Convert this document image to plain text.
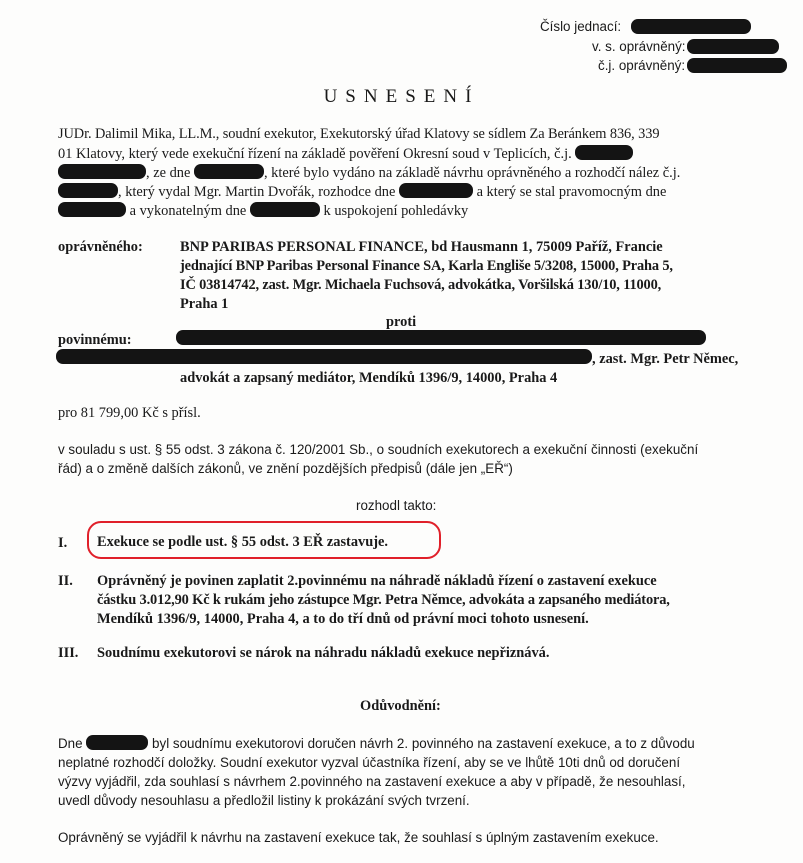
Číslo jednací:
v. s. oprávněný:
č.j. oprávněný:
USNESENÍ
JUDr. Dalimil Mika, LL.M., soudní exekutor, Exekutorský úřad Klatovy se sídlem Za Beránkem 836, 339
01 Klatovy, který vede exekuční řízení na základě pověření Okresní soud v Teplicích, č.j.
, ze dne	, které bylo vydáno na základě návrhu oprávněného a rozhodčí nález č.j.
, který vydal Mgr. Martin Dvořák, rozhodce dne	a který se stal pravomocným dne
a vykonatelným dne	k uspokojení pohledávky
oprávněného:	BNP PARIBAS PERSONAL FINANCE, bd Hausmann 1, 75009 Paříž, Francie
jednající BNP Paribas Personal Finance SA, Karla Engliše 5/3208, 15000, Praha 5,
IČ 03814742, zast. Mgr. Michaela Fuchsová, advokátka, Voršilská 130/10, 11000,
Praha 1
proti
povinnému:
, zast. Mgr. Petr Němec,
advokát a zapsaný mediátor, Mendíků 1396/9, 14000, Praha 4
pro 81 799,00 Kč s přísl.
v souladu s ust. § 55 odst. 3 zákona č. 120/2001 Sb., o soudních exekutorech a exekuční činnosti (exekuční
řád) a o změně dalších zákonů, ve znění pozdějších předpisů (dále jen „EŘ“)
rozhodl takto:
I. Exekuce se podle ust. § 55 odst. 3 EŘ zastavuje.
II. Oprávněný je povinen zaplatit 2.povinnému na náhradě nákladů řízení o zastavení exekuce
částku 3.012,90 Kč k rukám jeho zástupce Mgr. Petra Němce, advokáta a zapsaného mediátora,
Mendíků 1396/9, 14000, Praha 4, a to do tří dnů od právní moci tohoto usnesení.
III. Soudnímu exekutorovi se nárok na náhradu nákladů exekuce nepřiznává.
Odůvodnění:
Dne	byl soudnímu exekutorovi doručen návrh 2. povinného na zastavení exekuce, a to z důvodu
neplatné rozhodčí doložky. Soudní exekutor vyzval účastníka řízení, aby se ve lhůtě 10ti dnů od doručení
výzvy vyjádřil, zda souhlasí s návrhem 2.povinného na zastavení exekuce a aby v případě, že nesouhlasí,
uvedl důvody nesouhlasu a předložil listiny k prokázání svých tvrzení.
Oprávněný se vyjádřil k návrhu na zastavení exekuce tak, že souhlasí s úplným zastavením exekuce.
